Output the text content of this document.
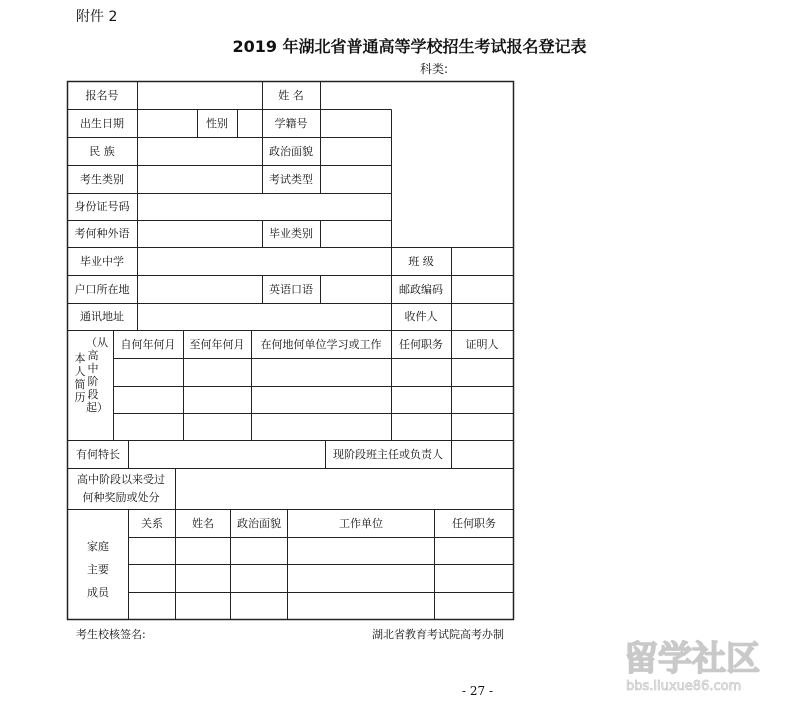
附件 2
2019 年湖北省普通高等学校招生考试报名登记表
科类:
报名号	姓 名
出生日期	性别	学籍号
民 族	政治面貌
考生类别	考试类型
身份证号码
考何种外语	毕业类别
毕业中学	班 级
户口所在地	英语口语	邮政编码
通讯地址	收件人
（从高中阶段起）
本人简历
自何年何月 至何年何月 在何地何单位学习或工作 任何职务 证明人
有何特长	现阶段班主任或负责人
高中阶段以来受过
何种奖励或处分
家庭
主要
成员
关系	姓名 政治面貌	工作单位	任何职务
考生校核签名:	湖北省教育考试院高考办制
- 27 -
留学社区
bbs.liuxue86.com
